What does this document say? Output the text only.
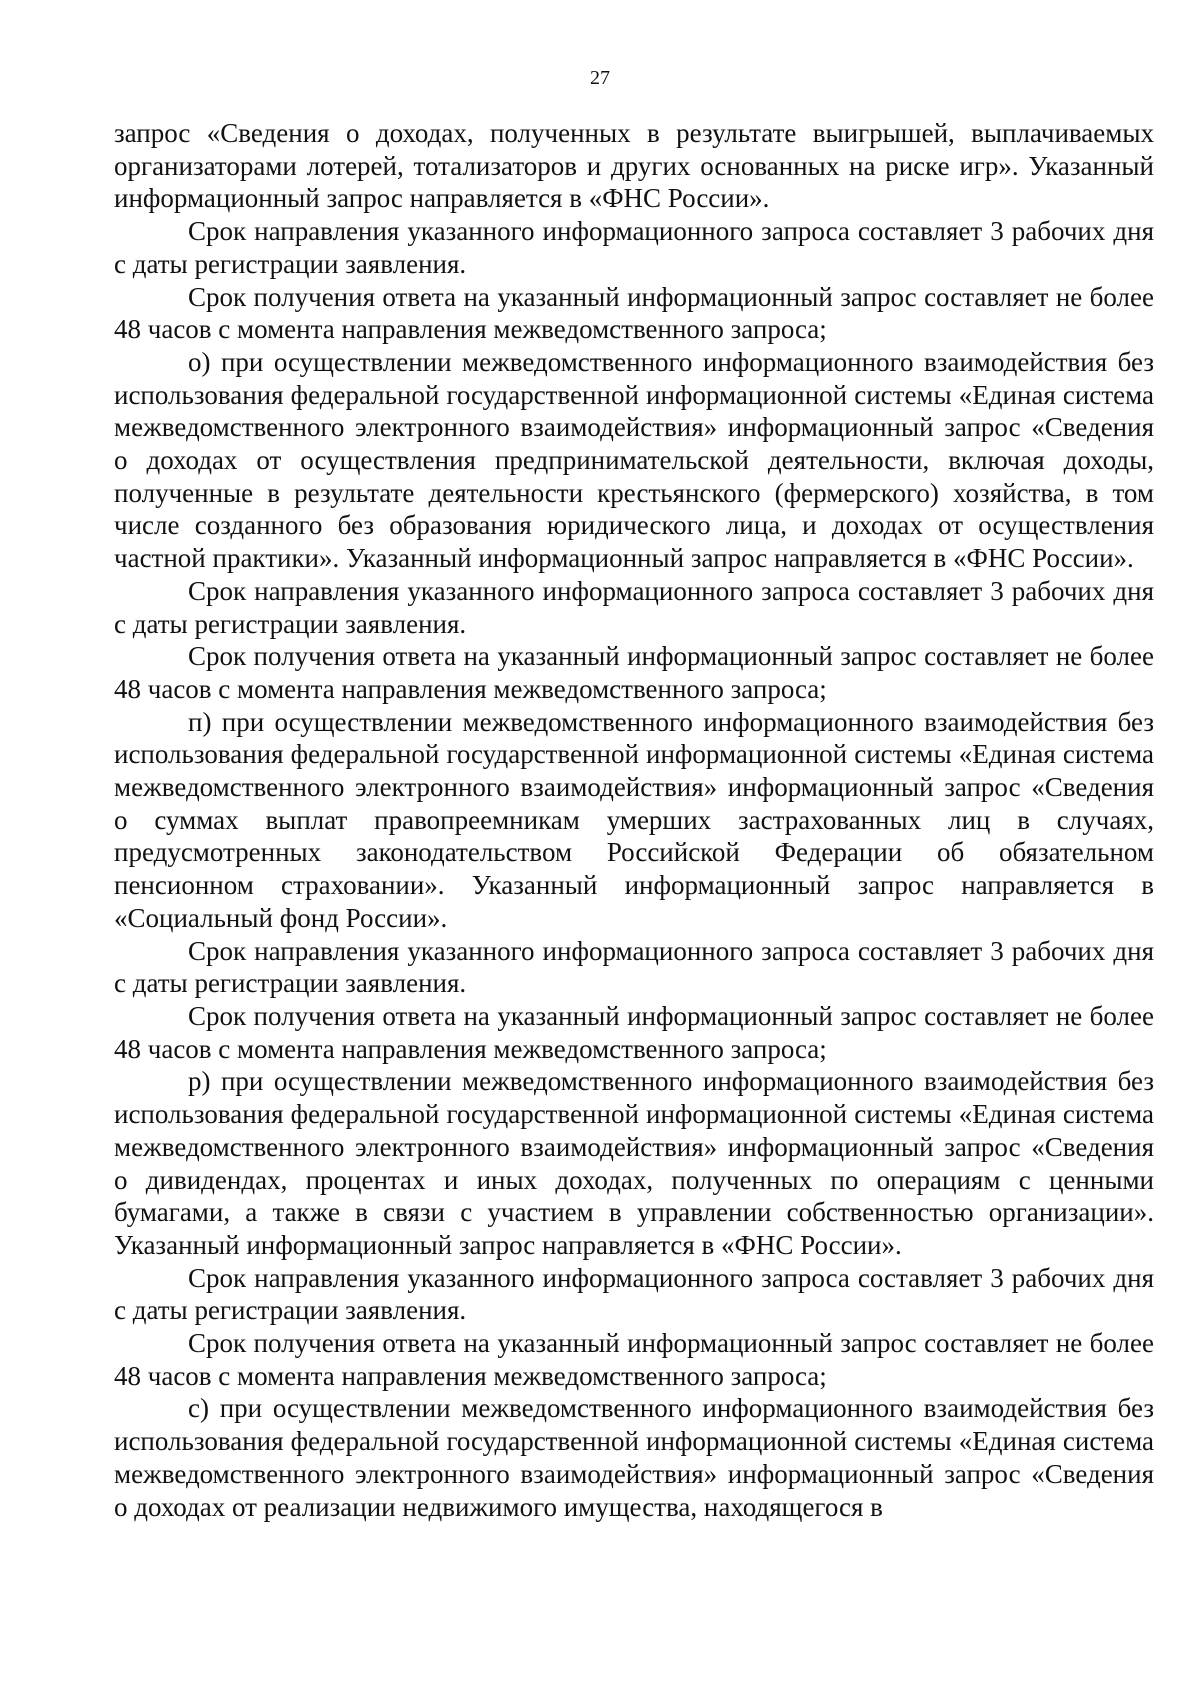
27

запрос «Сведения о доходах, полученных в результате выигрышей, выплачиваемых организаторами лотерей, тотализаторов и других основанных на риске игр». Указанный информационный запрос направляется в «ФНС России».

Срок направления указанного информационного запроса составляет 3 рабочих дня с даты регистрации заявления.

Срок получения ответа на указанный информационный запрос составляет не более 48 часов с момента направления межведомственного запроса;

о) при осуществлении межведомственного информационного взаимодействия без использования федеральной государственной информационной системы «Единая система межведомственного электронного взаимодействия» информационный запрос «Сведения о доходах от осуществления предпринимательской деятельности, включая доходы, полученные в результате деятельности крестьянского (фермерского) хозяйства, в том числе созданного без образования юридического лица, и доходах от осуществления частной практики». Указанный информационный запрос направляется в «ФНС России».

Срок направления указанного информационного запроса составляет 3 рабочих дня с даты регистрации заявления.

Срок получения ответа на указанный информационный запрос составляет не более 48 часов с момента направления межведомственного запроса;

п) при осуществлении межведомственного информационного взаимодействия без использования федеральной государственной информационной системы «Единая система межведомственного электронного взаимодействия» информационный запрос «Сведения о суммах выплат правопреемникам умерших застрахованных лиц в случаях, предусмотренных законодательством Российской Федерации об обязательном пенсионном страховании». Указанный информационный запрос направляется в «Социальный фонд России».

Срок направления указанного информационного запроса составляет 3 рабочих дня с даты регистрации заявления.

Срок получения ответа на указанный информационный запрос составляет не более 48 часов с момента направления межведомственного запроса;

р) при осуществлении межведомственного информационного взаимодействия без использования федеральной государственной информационной системы «Единая система межведомственного электронного взаимодействия» информационный запрос «Сведения о дивидендах, процентах и иных доходах, полученных по операциям с ценными бумагами, а также в связи с участием в управлении собственностью организации». Указанный информационный запрос направляется в «ФНС России».

Срок направления указанного информационного запроса составляет 3 рабочих дня с даты регистрации заявления.

Срок получения ответа на указанный информационный запрос составляет не более 48 часов с момента направления межведомственного запроса;

с) при осуществлении межведомственного информационного взаимодействия без использования федеральной государственной информационной системы «Единая система межведомственного электронного взаимодействия» информационный запрос «Сведения о доходах от реализации недвижимого имущества, находящегося в
